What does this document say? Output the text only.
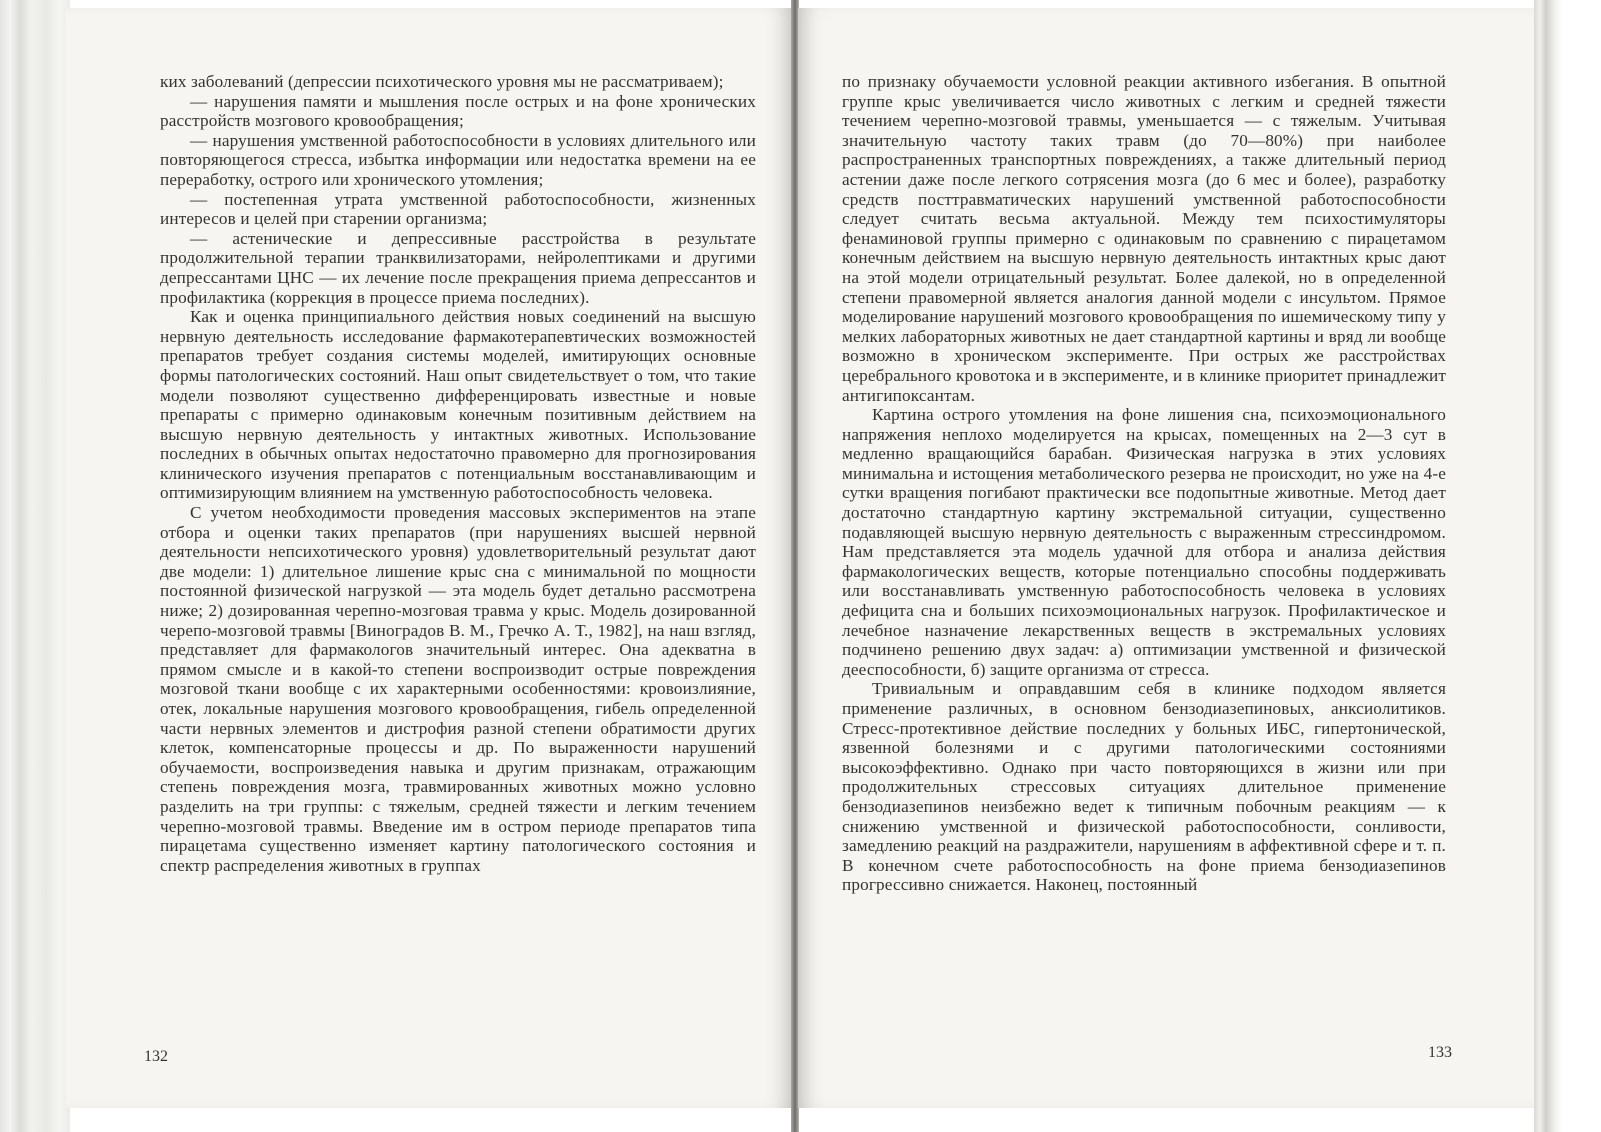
ких заболеваний (депрессии психотического уровня мы не рассматриваем);

— нарушения памяти и мышления после острых и на фоне хронических расстройств мозгового кровообращения;

— нарушения умственной работоспособности в условиях длительного или повторяющегося стресса, избытка информации или недостатка времени на ее переработку, острого или хронического утомления;

— постепенная утрата умственной работоспособности, жизненных интересов и целей при старении организма;

— астенические и депрессивные расстройства в результате продолжительной терапии транквилизаторами, нейролептиками и другими депрессантами ЦНС — их лечение после прекращения приема депрессантов и профилактика (коррекция в процессе приема последних).

Как и оценка принципиального действия новых соединений на высшую нервную деятельность исследование фармакотерапевтических возможностей препаратов требует создания системы моделей, имитирующих основные формы патологических состояний. Наш опыт свидетельствует о том, что такие модели позволяют существенно дифференцировать известные и новые препараты с примерно одинаковым конечным позитивным действием на высшую нервную деятельность у интактных животных. Использование последних в обычных опытах недостаточно правомерно для прогнозирования клинического изучения препаратов с потенциальным восстанавливающим и оптимизирующим влиянием на умственную работоспособность человека.

С учетом необходимости проведения массовых экспериментов на этапе отбора и оценки таких препаратов (при нарушениях высшей нервной деятельности непсихотического уровня) удовлетворительный результат дают две модели: 1) длительное лишение крыс сна с минимальной по мощности постоянной физической нагрузкой — эта модель будет детально рассмотрена ниже; 2) дозированная черепно-мозговая травма у крыс. Модель дозированной черепо-мозговой травмы [Виноградов В. М., Гречко А. Т., 1982], на наш взгляд, представляет для фармакологов значительный интерес. Она адекватна в прямом смысле и в какой-то степени воспроизводит острые повреждения мозговой ткани вообще с их характерными особенностями: кровоизлияние, отек, локальные нарушения мозгового кровообращения, гибель определенной части нервных элементов и дистрофия разной степени обратимости других клеток, компенсаторные процессы и др. По выраженности нарушений обучаемости, воспроизведения навыка и другим признакам, отражающим степень повреждения мозга, травмированных животных можно условно разделить на три группы: с тяжелым, средней тяжести и легким течением черепно-мозговой травмы. Введение им в остром периоде препаратов типа пирацетама существенно изменяет картину патологического состояния и спектр распределения животных в группах

132

по признаку обучаемости условной реакции активного избегания. В опытной группе крыс увеличивается число животных с легким и средней тяжести течением черепно-мозговой травмы, уменьшается — с тяжелым. Учитывая значительную частоту таких травм (до 70—80%) при наиболее распространенных транспортных повреждениях, а также длительный период астении даже после легкого сотрясения мозга (до 6 мес и более), разработку средств посттравматических нарушений умственной работоспособности следует считать весьма актуальной. Между тем психостимуляторы фенаминовой группы примерно с одинаковым по сравнению с пирацетамом конечным действием на высшую нервную деятельность интактных крыс дают на этой модели отрицательный результат. Более далекой, но в определенной степени правомерной является аналогия данной модели с инсультом. Прямое моделирование нарушений мозгового кровообращения по ишемическому типу у мелких лабораторных животных не дает стандартной картины и вряд ли вообще возможно в хроническом эксперименте. При острых же расстройствах церебрального кровотока и в эксперименте, и в клинике приоритет принадлежит антигипоксантам.

Картина острого утомления на фоне лишения сна, психоэмоционального напряжения неплохо моделируется на крысах, помещенных на 2—3 сут в медленно вращающийся барабан. Физическая нагрузка в этих условиях минимальна и истощения метаболического резерва не происходит, но уже на 4-е сутки вращения погибают практически все подопытные животные. Метод дает достаточно стандартную картину экстремальной ситуации, существенно подавляющей высшую нервную деятельность с выраженным стрессиндромом. Нам представляется эта модель удачной для отбора и анализа действия фармакологических веществ, которые потенциально способны поддерживать или восстанавливать умственную работоспособность человека в условиях дефицита сна и больших психоэмоциональных нагрузок. Профилактическое и лечебное назначение лекарственных веществ в экстремальных условиях подчинено решению двух задач: а) оптимизации умственной и физической дееспособности, б) защите организма от стресса.

Тривиальным и оправдавшим себя в клинике подходом является применение различных, в основном бензодиазепиновых, анксиолитиков. Стресс-протективное действие последних у больных ИБС, гипертонической, язвенной болезнями и с другими патологическими состояниями высокоэффективно. Однако при часто повторяющихся в жизни или при продолжительных стрессовых ситуациях длительное применение бензодиазепинов неизбежно ведет к типичным побочным реакциям — к снижению умственной и физической работоспособности, сонливости, замедлению реакций на раздражители, нарушениям в аффективной сфере и т. п. В конечном счете работоспособность на фоне приема бензодиазепинов прогрессивно снижается. Наконец, постоянный

133
